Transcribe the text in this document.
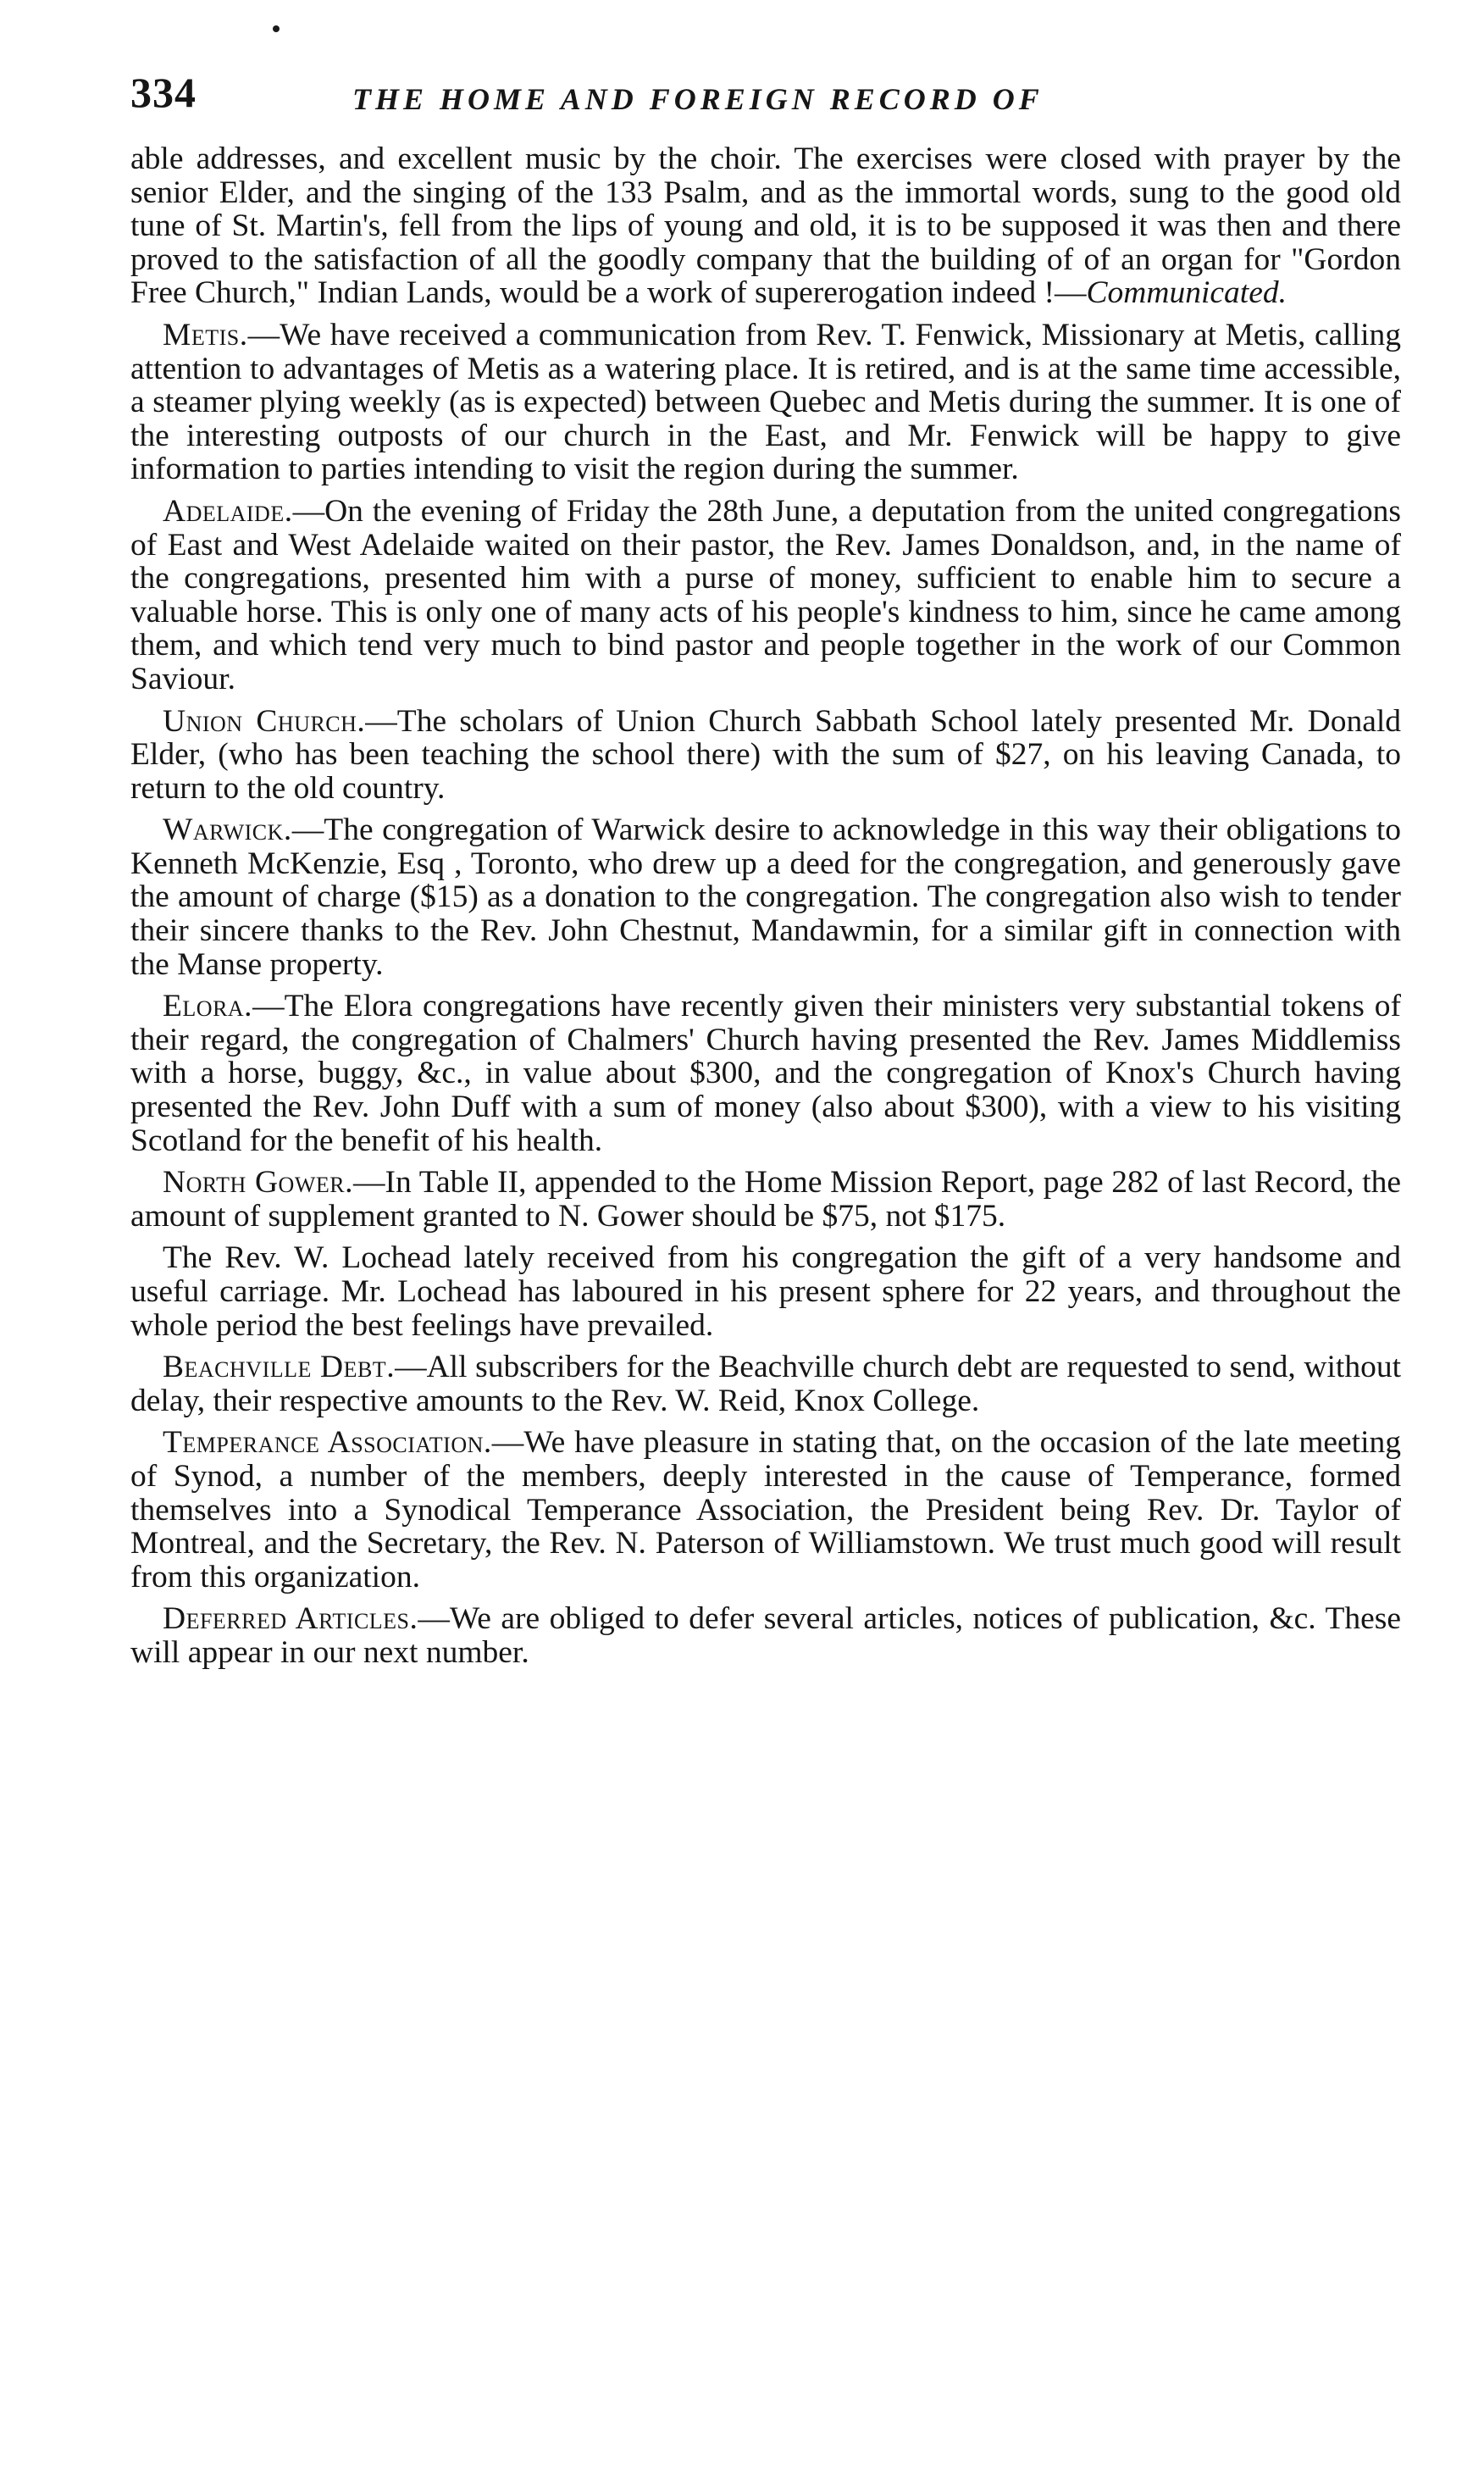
334	THE HOME AND FOREIGN RECORD OF

able addresses, and excellent music by the choir. The exercises were closed with prayer by the senior Elder, and the singing of the 133 Psalm, and as the immortal words, sung to the good old tune of St. Martin's, fell from the lips of young and old, it is to be supposed it was then and there proved to the satisfaction of all the goodly company that the building of of an organ for "Gordon Free Church," Indian Lands, would be a work of supererogation indeed !—Communicated.

Metis.—We have received a communication from Rev. T. Fenwick, Missionary at Metis, calling attention to advantages of Metis as a watering place. It is retired, and is at the same time accessible, a steamer plying weekly (as is expected) between Quebec and Metis during the summer. It is one of the interesting outposts of our church in the East, and Mr. Fenwick will be happy to give information to parties intending to visit the region during the summer.

Adelaide.—On the evening of Friday the 28th June, a deputation from the united congregations of East and West Adelaide waited on their pastor, the Rev. James Donaldson, and, in the name of the congregations, presented him with a purse of money, sufficient to enable him to secure a valuable horse. This is only one of many acts of his people's kindness to him, since he came among them, and which tend very much to bind pastor and people together in the work of our Common Saviour.

Union Church.—The scholars of Union Church Sabbath School lately presented Mr. Donald Elder, (who has been teaching the school there) with the sum of $27, on his leaving Canada, to return to the old country.

Warwick.—The congregation of Warwick desire to acknowledge in this way their obligations to Kenneth McKenzie, Esq , Toronto, who drew up a deed for the congregation, and generously gave the amount of charge ($15) as a donation to the congregation. The congregation also wish to tender their sincere thanks to the Rev. John Chestnut, Mandawmin, for a similar gift in connection with the Manse property.

Elora.—The Elora congregations have recently given their ministers very substantial tokens of their regard, the congregation of Chalmers' Church having presented the Rev. James Middlemiss with a horse, buggy, &c., in value about $300, and the congregation of Knox's Church having presented the Rev. John Duff with a sum of money (also about $300), with a view to his visiting Scotland for the benefit of his health.

North Gower.—In Table II, appended to the Home Mission Report, page 282 of last Record, the amount of supplement granted to N. Gower should be $75, not $175.

The Rev. W. Lochead lately received from his congregation the gift of a very handsome and useful carriage. Mr. Lochead has laboured in his present sphere for 22 years, and throughout the whole period the best feelings have prevailed.

Beachville Debt.—All subscribers for the Beachville church debt are requested to send, without delay, their respective amounts to the Rev. W. Reid, Knox College.

Temperance Association.—We have pleasure in stating that, on the occasion of the late meeting of Synod, a number of the members, deeply interested in the cause of Temperance, formed themselves into a Synodical Temperance Association, the President being Rev. Dr. Taylor of Montreal, and the Secretary, the Rev. N. Paterson of Williamstown. We trust much good will result from this organization.

Deferred Articles.—We are obliged to defer several articles, notices of publication, &c. These will appear in our next number.
